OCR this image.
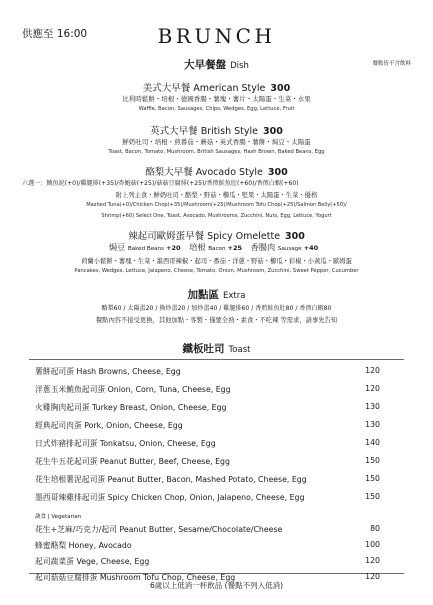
供應至 16:00	BRUNCH
大早餐盤 Dish	餐點皆不含飲料
美式大早餐 American Style 300
比利時鬆餅・培根・德國香腸・薯塊・薯片・太陽蛋・生菜・水果
Waffle, Bacon, Sausages, Chips, Wedges, Egg, Lettuce, Fruit
英式大早餐 British Style 300
鮮奶吐司・培根・煎番茄・蘑菇・英式香腸・薯餅・焗豆・太陽蛋
Toast, Bacon, Tomato, Mushroom, British Sausages, Hash Brown, Baked Beans, Egg
酪梨大早餐 Avocado Style 300
六選一：鮪魚泥(+0)/雞腿排(+35)/杏鮑菇(+25)/菇菇豆腐排(+25)/香煎鮭魚肚(+60)/香煎白蝦(+60)
附上列主食・鮮奶吐司・酪梨・野菇・櫛瓜・堅果・太陽蛋・生菜・優格
Mashed Tuna(+0)/Chicken Chop(+35)/Mushroom(+25)/Mushroom Tofu Chop(+25)/Salmon Belly(+50)/
Shrimp(+60) Select One, Toast, Avocado, Mushrooms, Zucchini, Nuts, Egg, Lettuce, Yogurt
辣起司歐姆蛋早餐 Spicy Omelette 300
焗豆 Baked Beans +20 培根 Bacon +25 香腸肉 Sausage +40
荷蘭小鬆餅・薯塊・生菜・墨西哥辣椒・起司・番茄・洋蔥・野菇・櫛瓜・彩椒・小黃瓜・歐姆蛋
Pancakes, Wedges, Lettuce, Jalapeno, Cheese, Tomato, Onion, Mushroom, Zucchini, Sweet Pepper, Cucumber
加點區 Extra
酪梨60 / 太陽蛋20 / 換炒蛋20 / 加炒蛋40 / 雞腿排60 / 香煎鮭魚肚80 / 香煎白蝦80
餐點內容不接受更換，其他加點・客製・僅要全熟・素食・不吃辣 等需求，請事先告知
鐵板吐司 Toast
薯餅起司蛋 Hash Browns, Cheese, Egg	120
洋蔥玉米鮪魚起司蛋 Onion, Corn, Tuna, Cheese, Egg	120
火雞胸肉起司蛋 Turkey Breast, Onion, Cheese, Egg	130
經典起司肉蛋 Pork, Onion, Cheese, Egg	130
日式炸豬排起司蛋 Tonkatsu, Onion, Cheese, Egg	140
花生牛五花起司蛋 Peanut Butter, Beef, Cheese, Egg	150
花生培根薯泥起司蛋 Peanut Butter, Bacon, Mashed Potato, Cheese, Egg	150
墨西哥辣雞排起司蛋 Spicy Chicken Chop, Onion, Jalapeno, Cheese, Egg	150
蔬食 | Vegetarian
花生+芝麻/巧克力/起司 Peanut Butter, Sesame/Chocolate/Cheese	80
蜂蜜酪梨 Honey, Avocado	100
起司蔬菜蛋 Vege, Cheese, Egg	120
起司菇菇豆腐排蛋 Mushroom Tofu Chop, Cheese, Egg	120
6歲以上低消一杯飲品 (餐點不列入低消)
